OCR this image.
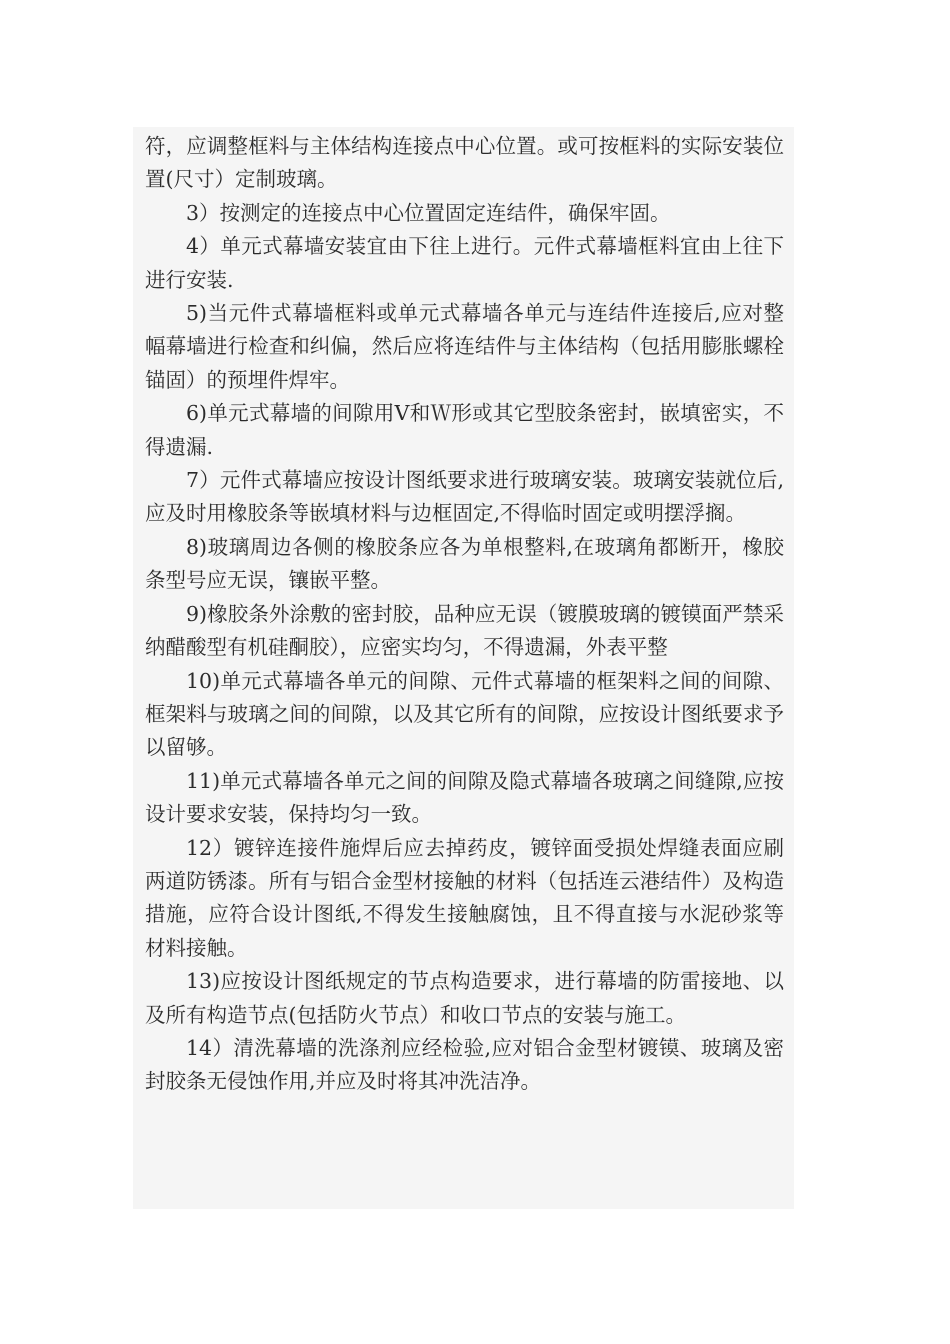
符，应调整框料与主体结构连接点中心位置。或可按框料的实际安装位置(尺寸）定制玻璃。

3）按测定的连接点中心位置固定连结件，确保牢固。

4）单元式幕墙安装宜由下往上进行。元件式幕墙框料宜由上往下进行安装.

5)当元件式幕墙框料或单元式幕墙各单元与连结件连接后,应对整幅幕墙进行检查和纠偏，然后应将连结件与主体结构（包括用膨胀螺栓锚固）的预埋件焊牢。

6)单元式幕墙的间隙用Ⅴ和Ｗ形或其它型胶条密封，嵌填密实，不得遗漏.

7）元件式幕墙应按设计图纸要求进行玻璃安装。玻璃安装就位后,应及时用橡胶条等嵌填材料与边框固定,不得临时固定或明摆浮搁。

8)玻璃周边各侧的橡胶条应各为单根整料,在玻璃角都断开，橡胶条型号应无误，镶嵌平整。

9)橡胶条外涂敷的密封胶，品种应无误（镀膜玻璃的镀镆面严禁采纳醋酸型有机硅酮胶），应密实均匀，不得遗漏，外表平整

10)单元式幕墙各单元的间隙、元件式幕墙的框架料之间的间隙、框架料与玻璃之间的间隙，以及其它所有的间隙，应按设计图纸要求予以留够。

11)单元式幕墙各单元之间的间隙及隐式幕墙各玻璃之间缝隙,应按设计要求安装，保持均匀一致。

12）镀锌连接件施焊后应去掉药皮，镀锌面受损处焊缝表面应刷两道防锈漆。所有与铝合金型材接触的材料（包括连云港结件）及构造措施，应符合设计图纸,不得发生接触腐蚀，且不得直接与水泥砂浆等材料接触。

13)应按设计图纸规定的节点构造要求，进行幕墙的防雷接地、以及所有构造节点(包括防火节点）和收口节点的安装与施工。

14）清洗幕墙的洗涤剂应经检验,应对铝合金型材镀镆、玻璃及密封胶条无侵蚀作用,并应及时将其冲洗洁净。
